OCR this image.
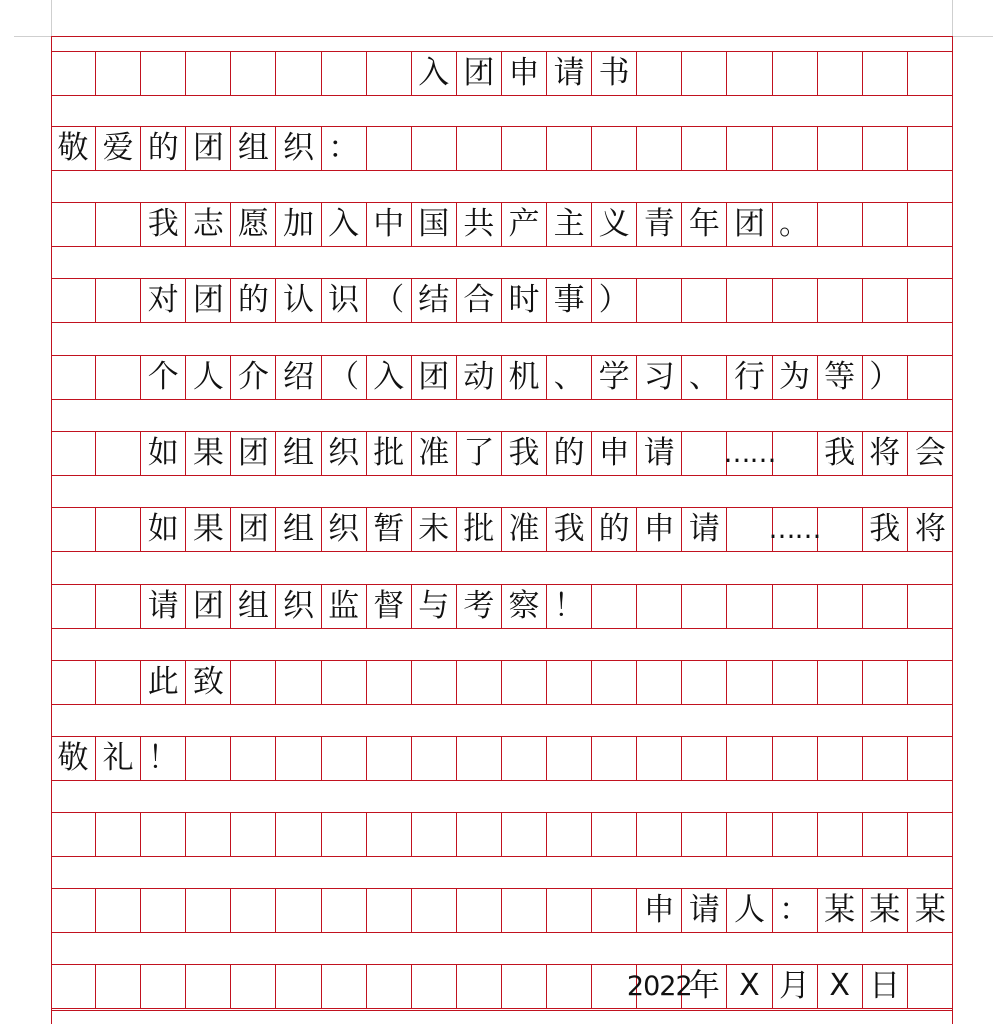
入 团 申 请 书
敬 爱 的 团 组 织 ：
我 志 愿 加 入 中 国 共 产 主 义 青 年 团 。
对 团 的 认 识 （ 结 合 时 事 ）
个 人 介 绍 （ 入 团 动 机 、 学 习 、 行 为 等 ）
如 果 团 组 织 批 准 了 我 的 申 请 …… 我 将 会
如 果 团 组 织 暂 未 批 准 我 的 申 请 …… 我 将
请 团 组 织 监 督 与 考 察 ！
此 致
敬 礼 ！
申 请 人 ： 某 某 某
2022
年 X 月 X 日
